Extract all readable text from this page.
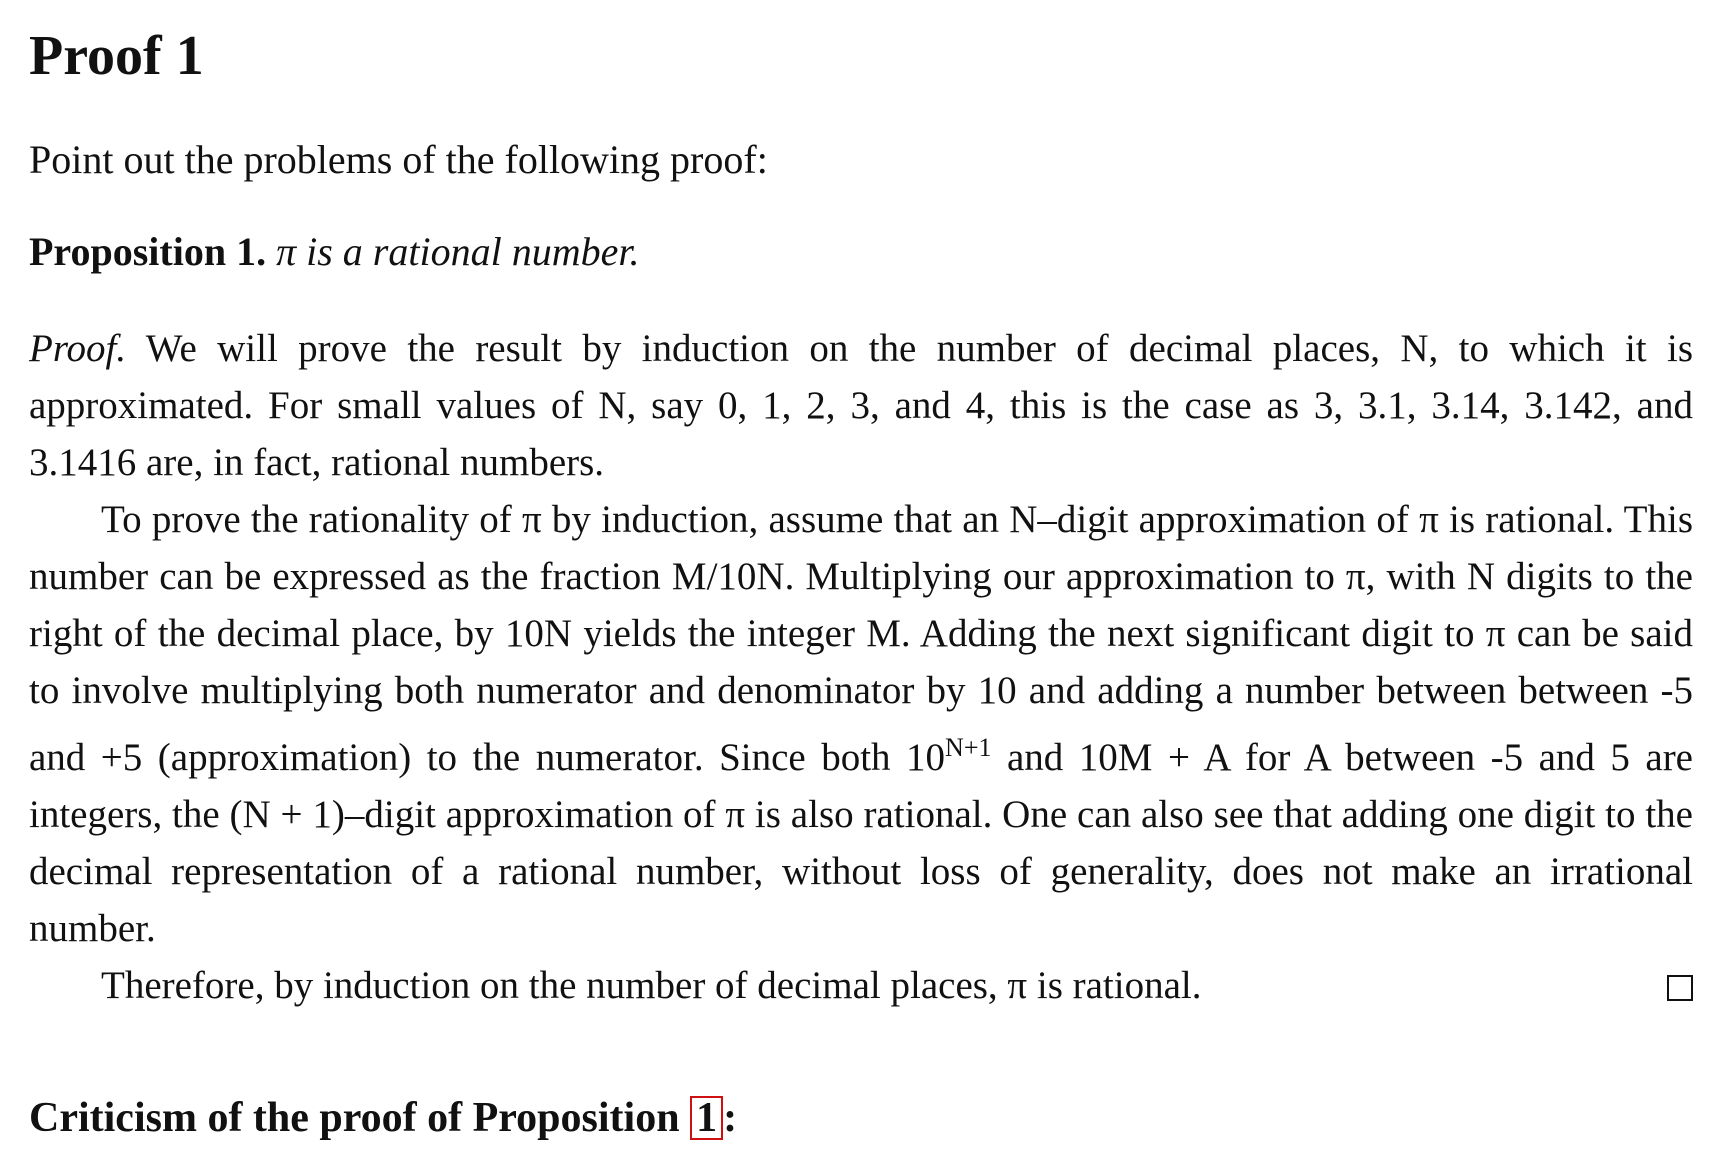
Proof 1
Point out the problems of the following proof:
Proposition 1. π is a rational number.

Proof. We will prove the result by induction on the number of decimal places, N, to which it is approximated. For small values of N, say 0, 1, 2, 3, and 4, this is the case as 3, 3.1, 3.14, 3.142, and 3.1416 are, in fact, rational numbers.

To prove the rationality of π by induction, assume that an N–digit approximation of π is rational. This number can be expressed as the fraction M/10N. Multiplying our approximation to π, with N digits to the right of the decimal place, by 10N yields the integer M. Adding the next significant digit to π can be said to involve multiplying both numerator and denominator by 10 and adding a number between between -5 and +5 (approximation) to the numerator. Since both $10^{N+1}$ and 10M + A for A between -5 and 5 are integers, the (N + 1)–digit approximation of π is also rational. One can also see that adding one digit to the decimal representation of a rational number, without loss of generality, does not make an irrational number.

Therefore, by induction on the number of decimal places, π is rational.

Criticism of the proof of Proposition 1 :
